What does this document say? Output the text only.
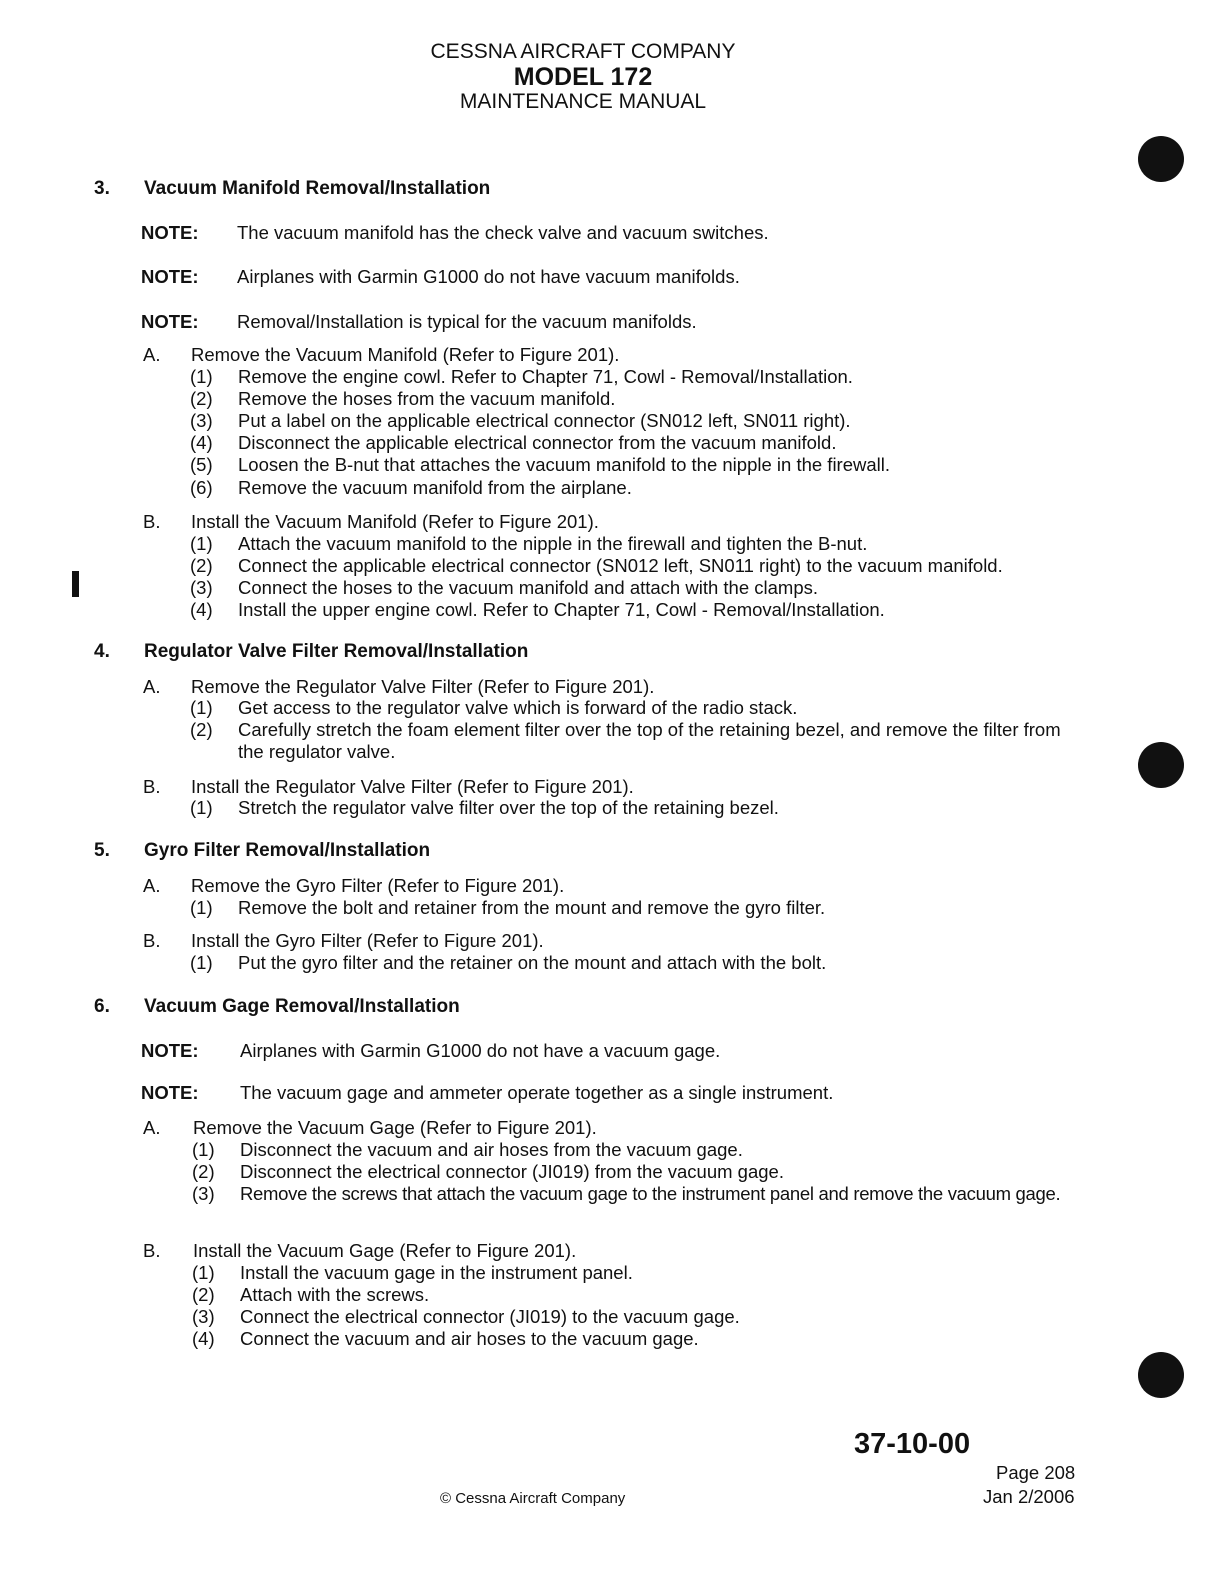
CESSNA AIRCRAFT COMPANY
MODEL 172
MAINTENANCE MANUAL
3. Vacuum Manifold Removal/Installation
NOTE: The vacuum manifold has the check valve and vacuum switches.
NOTE: Airplanes with Garmin G1000 do not have vacuum manifolds.
NOTE: Removal/Installation is typical for the vacuum manifolds.
A. Remove the Vacuum Manifold (Refer to Figure 201).
(1) Remove the engine cowl. Refer to Chapter 71, Cowl - Removal/Installation.
(2) Remove the hoses from the vacuum manifold.
(3) Put a label on the applicable electrical connector (SN012 left, SN011 right).
(4) Disconnect the applicable electrical connector from the vacuum manifold.
(5) Loosen the B-nut that attaches the vacuum manifold to the nipple in the firewall.
(6) Remove the vacuum manifold from the airplane.
B. Install the Vacuum Manifold (Refer to Figure 201).
(1) Attach the vacuum manifold to the nipple in the firewall and tighten the B-nut.
(2) Connect the applicable electrical connector (SN012 left, SN011 right) to the vacuum manifold.
(3) Connect the hoses to the vacuum manifold and attach with the clamps.
(4) Install the upper engine cowl. Refer to Chapter 71, Cowl - Removal/Installation.
4. Regulator Valve Filter Removal/Installation
A. Remove the Regulator Valve Filter (Refer to Figure 201).
(1) Get access to the regulator valve which is forward of the radio stack.
(2) Carefully stretch the foam element filter over the top of the retaining bezel, and remove the filter from the regulator valve.
B. Install the Regulator Valve Filter (Refer to Figure 201).
(1) Stretch the regulator valve filter over the top of the retaining bezel.
5. Gyro Filter Removal/Installation
A. Remove the Gyro Filter (Refer to Figure 201).
(1) Remove the bolt and retainer from the mount and remove the gyro filter.
B. Install the Gyro Filter (Refer to Figure 201).
(1) Put the gyro filter and the retainer on the mount and attach with the bolt.
6. Vacuum Gage Removal/Installation
NOTE: Airplanes with Garmin G1000 do not have a vacuum gage.
NOTE: The vacuum gage and ammeter operate together as a single instrument.
A. Remove the Vacuum Gage (Refer to Figure 201).
(1) Disconnect the vacuum and air hoses from the vacuum gage.
(2) Disconnect the electrical connector (JI019) from the vacuum gage.
(3) Remove the screws that attach the vacuum gage to the instrument panel and remove the vacuum gage.
B. Install the Vacuum Gage (Refer to Figure 201).
(1) Install the vacuum gage in the instrument panel.
(2) Attach with the screws.
(3) Connect the electrical connector (JI019) to the vacuum gage.
(4) Connect the vacuum and air hoses to the vacuum gage.
37-10-00
Page 208
Jan 2/2006
© Cessna Aircraft Company
